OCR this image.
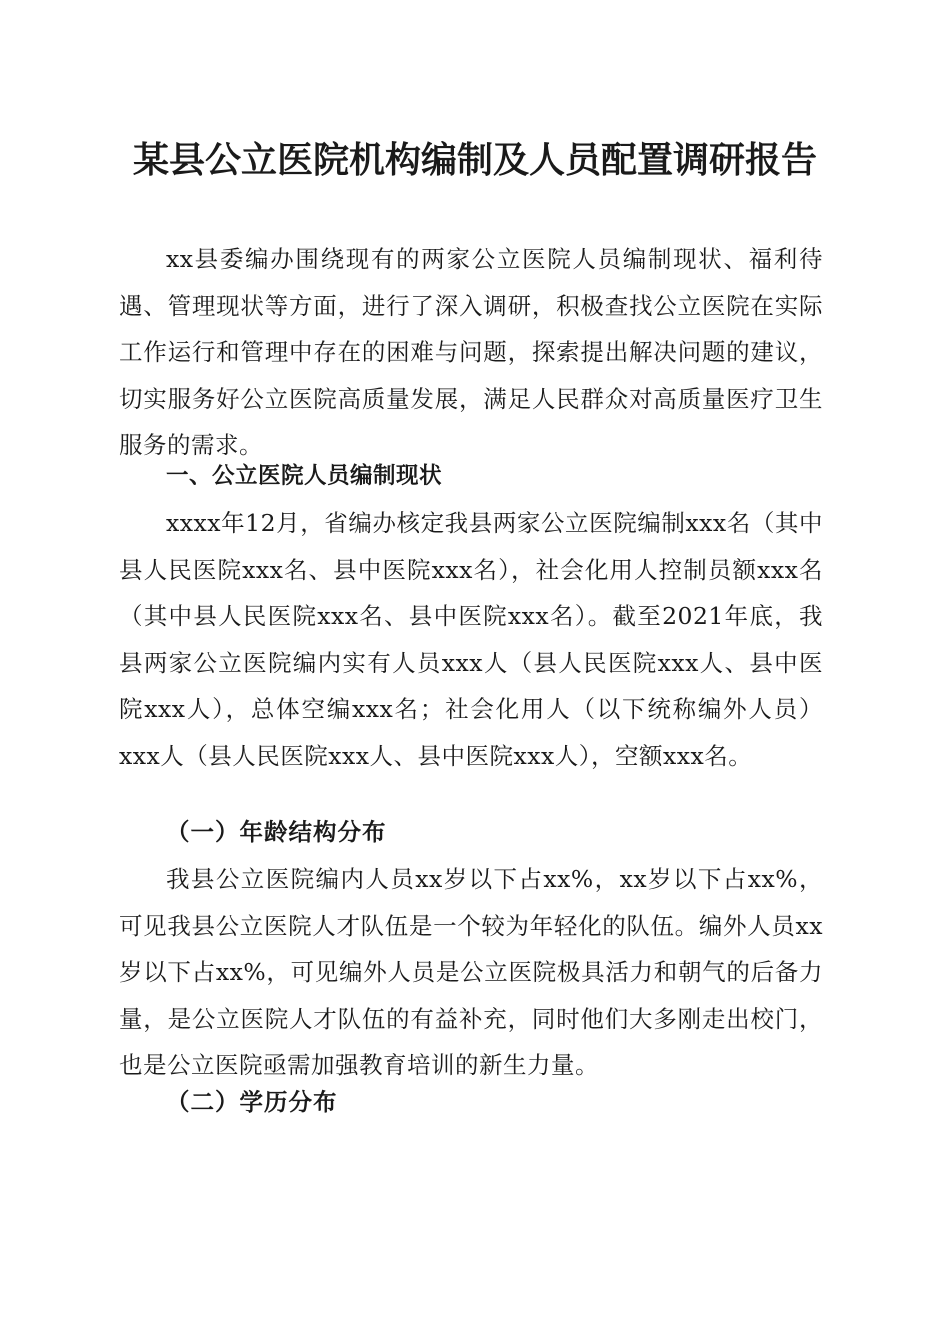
某县公立医院机构编制及人员配置调研报告

xx县委编办围绕现有的两家公立医院人员编制现状、福利待遇、管理现状等方面，进行了深入调研，积极查找公立医院在实际工作运行和管理中存在的困难与问题，探索提出解决问题的建议，切实服务好公立医院高质量发展，满足人民群众对高质量医疗卫生服务的需求。

一、公立医院人员编制现状

xxxx年12月，省编办核定我县两家公立医院编制xxx名（其中县人民医院xxx名、县中医院xxx名），社会化用人控制员额xxx名（其中县人民医院xxx名、县中医院xxx名）。截至2021年底，我县两家公立医院编内实有人员xxx人（县人民医院xxx人、县中医院xxx人），总体空编xxx名；社会化用人（以下统称编外人员）xxx人（县人民医院xxx人、县中医院xxx人），空额xxx名。

（一）年龄结构分布

我县公立医院编内人员xx岁以下占xx%，xx岁以下占xx%，可见我县公立医院人才队伍是一个较为年轻化的队伍。编外人员xx岁以下占xx%，可见编外人员是公立医院极具活力和朝气的后备力量，是公立医院人才队伍的有益补充，同时他们大多刚走出校门，也是公立医院亟需加强教育培训的新生力量。

（二）学历分布
